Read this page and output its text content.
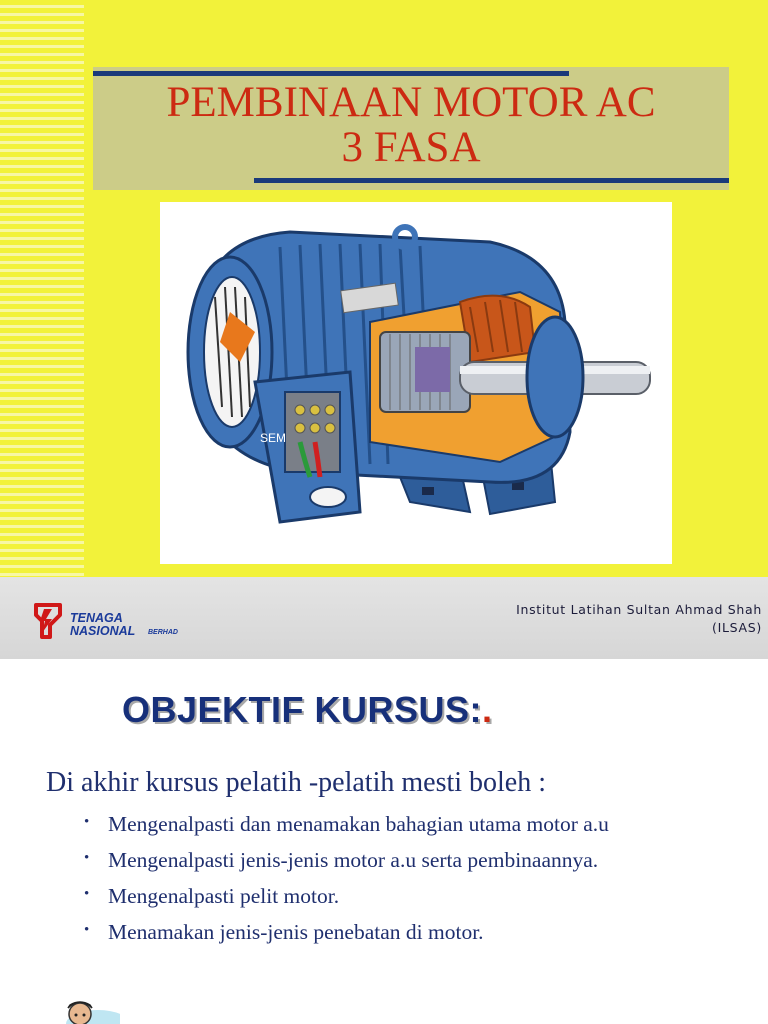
PEMBINAAN MOTOR AC
3 FASA
SEM
TENAGA
NASIONAL BERHAD
Institut Latihan Sultan Ahmad Shah
(ILSAS)
OBJEKTIF KURSUS:.
Di akhir kursus pelatih -pelatih mesti boleh :
• Mengenalpasti dan menamakan bahagian utama motor a.u
• Mengenalpasti jenis-jenis motor a.u serta pembinaannya.
• Mengenalpasti pelit motor.
• Menamakan jenis-jenis penebatan di motor.
